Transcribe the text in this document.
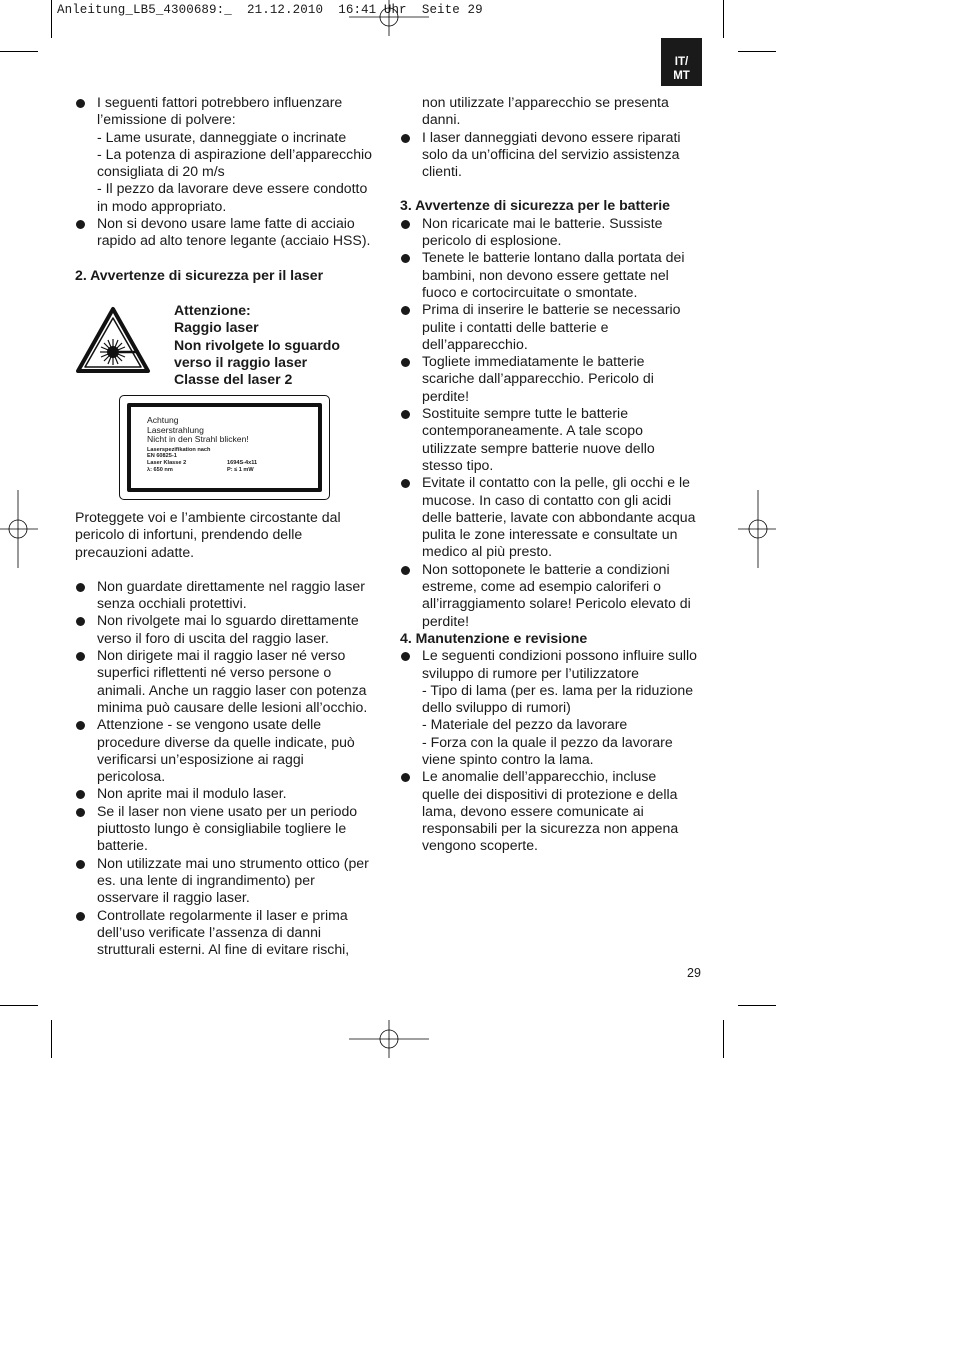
Anleitung_LB5_4300689:_  21.12.2010  16:41 Uhr  Seite 29
IT/
MT

I seguenti fattori potrebbero influenzare

l’emissione di polvere:

- Lame usurate, danneggiate o incrinate

- La potenza di aspirazione dell’apparecchio

consigliata di 20 m/s

- Il pezzo da lavorare deve essere condotto

in modo appropriato.

Non si devono usare lame fatte di acciaio

rapido ad alto tenore legante (acciaio HSS).

2. Avvertenze di sicurezza per il laser

Attenzione:

Raggio laser

Non rivolgete lo sguardo

verso il raggio laser

Classe del laser 2

Achtung
Laserstrahlung
Nicht in den Strahl blicken!
Laserspezifikation nach
EN 60825-1
Laser Klasse 2	1694S-4x11
λ: 650 nm	P: ≤ 1 mW

Proteggete voi e l’ambiente circostante dal

pericolo di infortuni, prendendo delle

precauzioni adatte.

Non guardate direttamente nel raggio laser

senza occhiali protettivi.

Non rivolgete mai lo sguardo direttamente

verso il foro di uscita del raggio laser.

Non dirigete mai il raggio laser né verso

superfici riflettenti né verso persone o

animali. Anche un raggio laser con potenza

minima può causare delle lesioni all’occhio.

Attenzione - se vengono usate delle

procedure diverse da quelle indicate, può

verificarsi un’esposizione ai raggi

pericolosa.

Non aprite mai il modulo laser.

Se il laser non viene usato per un periodo

piuttosto lungo è consigliabile togliere le

batterie.

Non utilizzate mai uno strumento ottico (per

es. una lente di ingrandimento) per

osservare il raggio laser.

Controllate regolarmente il laser e prima

dell’uso verificate l’assenza di danni

strutturali esterni. Al fine di evitare rischi,

non utilizzate l’apparecchio se presenta

danni.

I laser danneggiati devono essere riparati

solo da un’officina del servizio assistenza

clienti.

3. Avvertenze di sicurezza per le batterie

Non ricaricate mai le batterie. Sussiste

pericolo di esplosione.

Tenete le batterie lontano dalla portata dei

bambini, non devono essere gettate nel

fuoco e cortocircuitate o smontate.

Prima di inserire le batterie se necessario

pulite i contatti delle batterie e

dell’apparecchio.

Togliete immediatamente le batterie

scariche dall’apparecchio. Pericolo di

perdite!

Sostituite sempre tutte le batterie

contemporaneamente. A tale scopo

utilizzate sempre batterie nuove dello

stesso tipo.

Evitate il contatto con la pelle, gli occhi e le

mucose. In caso di contatto con gli acidi

delle batterie, lavate con abbondante acqua

pulita le zone interessate e consultate un

medico al più presto.

Non sottoponete le batterie a condizioni

estreme, come ad esempio caloriferi o

all’irraggiamento solare! Pericolo elevato di

perdite!

4. Manutenzione e revisione

Le seguenti condizioni possono influire sullo

sviluppo di rumore per l’utilizzatore

- Tipo di lama (per es. lama per la riduzione

dello sviluppo di rumori)

- Materiale del pezzo da lavorare

- Forza con la quale il pezzo da lavorare

viene spinto contro la lama.

Le anomalie dell’apparecchio, incluse

quelle dei dispositivi di protezione e della

lama, devono essere comunicate ai

responsabili per la sicurezza non appena

vengono scoperte.

29
